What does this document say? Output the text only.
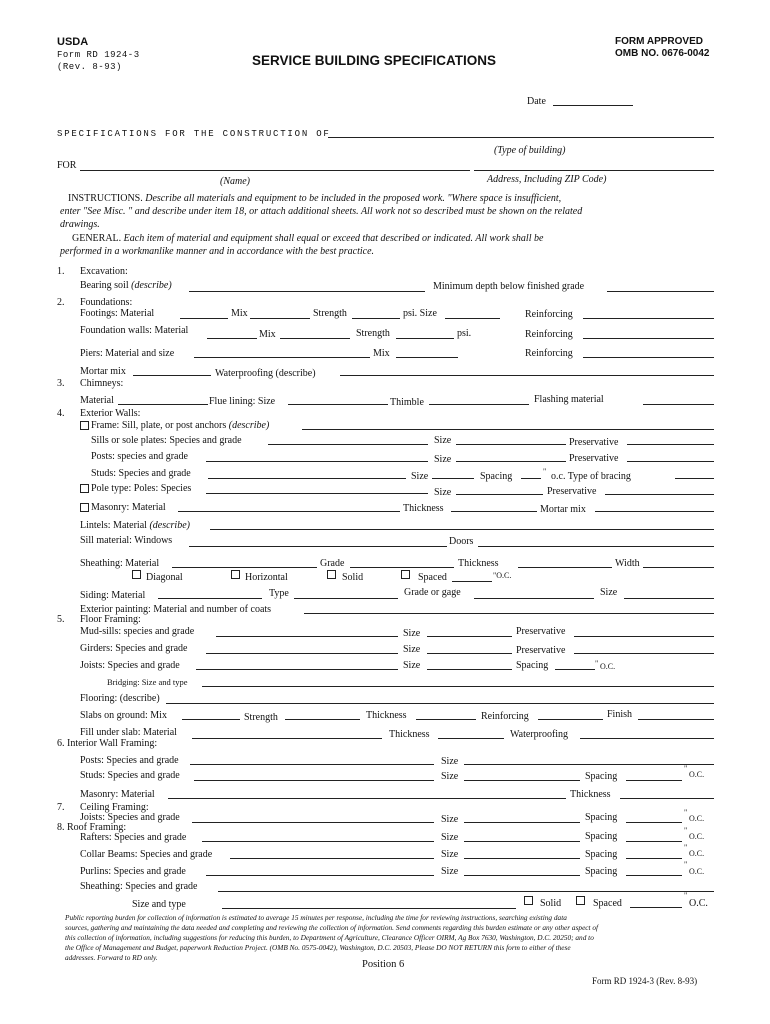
USDA
Form RD 1924-3
(Rev. 8-93)	SERVICE BUILDING SPECIFICATIONS
FORM APPROVED
OMB NO. 0676-0042
Date
SPECIFICATIONS FOR THE CONSTRUCTION OF
(Type of building)
FOR
(Name)	Address, Including ZIP Code)
INSTRUCTIONS. Describe all materials and equipment to be included in the proposed work. "Where space is insufficient,
enter "See Misc. " and describe under item 18, or attach additional sheets. All work not so described must be shown on the related
drawings.
GENERAL. Each item of material and equipment shall equal or exceed that described or indicated. All work shall be
performed in a workmanlike manner and in accordance with the best practice.
1. Excavation:
Bearing soil (describe)	Minimum depth below finished grade
2. Foundations:
Footings: Material	Mix	Strength	psi. Size	Reinforcing
Foundation walls: Material	Mix	Strength	psi.	Reinforcing
Piers: Material and size	Mix	Reinforcing
Mortar mix	Waterproofing (describe)
3. Chimneys:
Material	Flue lining: Size	Thimble	Flashing material
4. Exterior Walls:
Frame: Sill, plate, or post anchors (describe)
Sills or sole plates: Species and grade	Size	Preservative
Posts: species and grade	Size	Preservative
Studs: Species and grade	Size	Spacing	" o.c. Type of bracing
Pole type: Poles: Species	Size	Preservative
Masonry: Material	Thickness	Mortar mix
Lintels: Material (describe)
Sill material: Windows	Doors
Sheathing: Material	Grade	Thickness	Width
Diagonal	Horizontal	Solid	Spaced	"O.C.
Siding: Material	Type	Grade or gage	Size
Exterior painting: Material and number of coats
5. Floor Framing:
Mud-sills: species and grade	Size	Preservative
Girders: Species and grade	Size	Preservative
Joists: Species and grade	Size	Spacing	" O.C.
Bridging: Size and type
Flooring: (describe)
Slabs on ground: Mix	Strength	Thickness	Reinforcing	Finish
Fill under slab: Material	Thickness	Waterproofing
6. Interior Wall Framing:
Posts: Species and grade	Size
Studs: Species and grade	Size	Spacing
"
O.C.
Masonry: Material	Thickness
7. Ceiling Framing:
Joists: Species and grade	Size	Spacing	"
O.C.
8. Roof Framing:
Rafters: Species and grade	Size	Spacing
"
O.C.
Collar Beams: Species and grade	Size	Spacing
"
O.C.
Purlins: Species and grade	Size	Spacing
"
O.C.
Sheathing: Species and grade
Size and type	Solid	Spaced
"
O.C.
Public reporting burden for collection of information is estimated to average 15 minutes per response, including the time for reviewing instructions, searching existing data
sources, gathering and maintaining the data needed and completing and reviewing the collection of information. Send comments regarding this burden estimate or any other aspect of
this collection of information, including suggestions for reducing this burden, to Department of Agriculture, Clearance Officer OIRM, Ag Box 7630, Washington, D.C. 20250; and to
the Office of Management and Budget, paperwork Reduction Project. (OMB No. 0575-0042), Washington, D.C. 20503, Please DO NOT RETURN this form to either of these
addresses. Forward to RD only.
Position 6
Form RD 1924-3 (Rev. 8-93)
